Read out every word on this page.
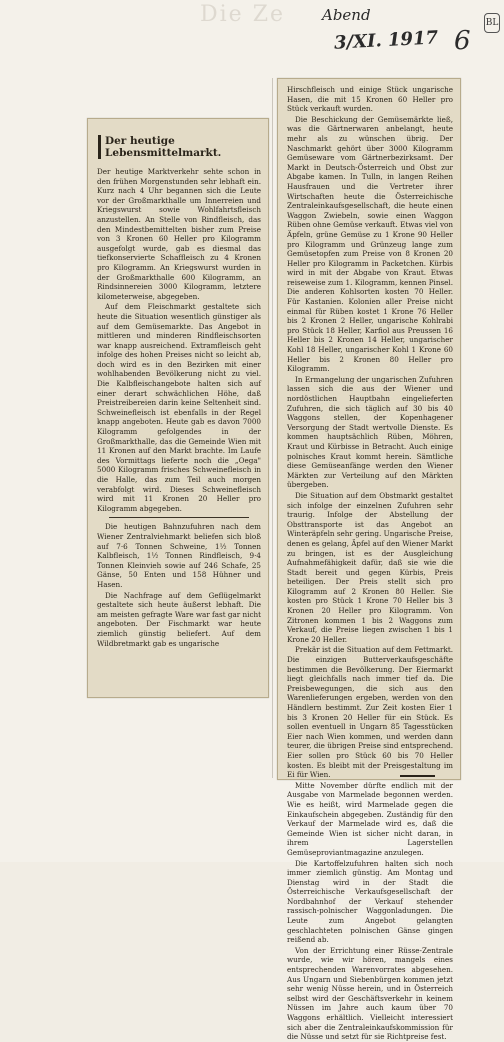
Die Ze Abend
3/XI. 1917 6
BL
Der heutige Lebensmittelmarkt.

Der heutige Marktverkehr sehte schon in den frühen Morgenstunden sehr lebhaft ein. Kurz nach 4 Uhr begannen sich die Leute vor der Großmarkthalle um Innerreien und Kriegswurst sowie Wohlfahrtsfleisch anzustellen. An Stelle von Rindfleisch, das den Mindestbemittelten bisher zum Preise von 3 Kronen 60 Heller pro Kilogramm ausgefolgt wurde, gab es diesmal das tiefkonservierte Schaffleisch zu 4 Kronen pro Kilogramm. An Kriegswurst wurden in der Großmarkthalle 600 Kilogramm, an Rindsinnereien 3000 Kilogramm, letztere kilometerweise, abgegeben.

Auf dem Fleischmarkt gestaltete sich heute die Situation wesentlich günstiger als auf dem Gemüsemarkte. Das Angebot in mittleren und minderen Rindfleischsorten war knapp ausreichend. Extramfleisch geht infolge des hohen Preises nicht so leicht ab, doch wird es in den Bezirken mit einer wohlhabenden Bevölkerung nicht zu viel. Die Kalbfleischangebote halten sich auf einer derart schwächlichen Höhe, daß Preistreibereien darin keine Seltenheit sind. Schweinefleisch ist ebenfalls in der Regel knapp angeboten. Heute gab es davon 7000 Kilogramm gefolgendes in der Großmarkthalle, das die Gemeinde Wien mit 11 Kronen auf den Markt brachte. Im Laufe des Vormittags lieferte noch die „Oega" 5000 Kilogramm frisches Schweinefleisch in die Halle, das zum Teil auch morgen verabfolgt wird. Dieses Schweinefleisch wird mit 11 Kronen 20 Heller pro Kilogramm abgegeben.

Die heutigen Bahnzufuhren nach dem Wiener Zentralviehmarkt beliefen sich bloß auf 7·6 Tonnen Schweine, 1½ Tonnen Kalbfleisch, 1½ Tonnen Rindfleisch, 9·4 Tonnen Kleinvieh sowie auf 246 Schafe, 25 Gänse, 50 Enten und 158 Hühner und Hasen.

Die Nachfrage auf dem Geflügelmarkt gestaltete sich heute äußerst lebhaft. Die am meisten gefragte Ware war fast gar nicht angeboten. Der Fischmarkt war heute ziemlich günstig beliefert. Auf dem Wildbretmarkt gab es ungarische

Hirschfleisch und einige Stück ungarische Hasen, die mit 15 Kronen 60 Heller pro Stück verkauft wurden.

Die Beschickung der Gemüsemärkte ließ, was die Gärtnerwaren anbelangt, heute mehr als zu wünschen übrig. Der Naschmarkt gehört über 3000 Kilogramm Gemüseware vom Gärtnerbezirksamt. Der Markt in Deutsch-Österreich und Obst zur Abgabe kamen. In Tulln, in langen Reihen Hausfrauen und die Vertreter ihrer Wirtschaften heute die Österreichische Zentraleinkaufsgesellschaft, die heute einen Waggon Zwiebeln, sowie einen Waggon Rüben ohne Gemüse verkauft. Etwas viel von Äpfeln, grüne Gemüse zu 1 Krone 90 Heller pro Kilogramm und Grünzeug lange zum Gemüsetopfen zum Preise von 8 Kronen 20 Heller pro Kilogramm in Packetchen. Kürbis wird in mit der Abgabe von Kraut. Etwas reiseweise zum 1. Kilogramm, kennen Pinsel. Die anderen Kohlsorten kosten 70 Heller. Für Kastanien. Kolonien aller Preise nicht einmal für Rüben kostet 1 Krone 76 Heller bis 2 Kronen 2 Heller, ungarische Kohlrabi pro Stück 18 Heller, Karfiol aus Preussen 16 Heller bis 2 Kronen 14 Heller, ungarischer Kohl 18 Heller, ungarischer Kohl 1 Krone 60 Heller bis 2 Kronen 80 Heller pro Kilogramm.

In Ermangelung der ungarischen Zufuhren lassen sich die aus der Wiener und nordöstlichen Hauptbahn eingelieferten Zufuhren, die sich täglich auf 30 bis 40 Waggons stellen, der Kopenhagener Versorgung der Stadt wertvolle Dienste. Es kommen hauptsächlich Rüben, Möhren, Kraut und Kürbisse in Betracht. Auch einige polnisches Kraut kommt herein. Sämtliche diese Gemüseanfänge werden den Wiener Märkten zur Verteilung auf den Märkten übergeben.

Die Situation auf dem Obstmarkt gestaltet sich infolge der einzelnen Zufuhren sehr traurig. Infolge der Abstellung der Obsttransporte ist das Angebot an Winteräpfeln sehr gering. Ungarische Preise, denen es gelang, Äpfel auf den Wiener Markt zu bringen, ist es der Ausgleichung Aufnahmefähigkeit dafür, daß sie wie die Stadt bereit und gegen Kürbis, Preis beteiligen. Der Preis stellt sich pro Kilogramm auf 2 Kronen 80 Heller. Sie kosten pro Stück 1 Krone 70 Heller bis 3 Kronen 20 Heller pro Kilogramm. Von Zitronen kommen 1 bis 2 Waggons zum Verkauf, die Preise liegen zwischen 1 bis 1 Krone 20 Heller.

Prekär ist die Situation auf dem Fettmarkt. Die einzigen Butterverkaufsgeschäfte bestimmen die Bevölkerung. Der Eiermarkt liegt gleichfalls nach immer tief da. Die Preisbewegungen, die sich aus den Warenlieferungen ergeben, werden von den Händlern bestimmt. Zur Zeit kosten Eier 1 bis 3 Kronen 20 Heller für ein Stück. Es sollen eventuell in Ungarn 85 Tagesstücken Eier nach Wien kommen, und werden dann teurer, die übrigen Preise sind entsprechend. Eier sollen pro Stück 60 bis 70 Heller kosten. Es bleibt mit der Preisgestaltung im Ei für Wien.

Mitte November dürfte endlich mit der Ausgabe von Marmelade begonnen werden. Wie es heißt, wird Marmelade gegen die Einkaufschein abgegeben. Zuständig für den Verkauf der Marmelade wird es, daß die Gemeinde Wien ist sicher nicht daran, in ihrem Lagerstellen Gemüseproviantmagazine anzulegen.

Die Kartoffelzufuhren halten sich noch immer ziemlich günstig. Am Montag und Dienstag wird in der Stadt die Österreichische Verkaufsgesellschaft der Nordbahnhof der Verkauf stehender rassisch-polnischer Waggonladungen. Die Leute zum Angebot gelangten geschlachteten polnischen Gänse gingen reißend ab.

Von der Errichtung einer Rüsse-Zentrale wurde, wie wir hören, mangels eines entsprechenden Warenvorrates abgesehen. Aus Ungarn und Siebenbürgen kommen jetzt sehr wenig Nüsse herein, und in Österreich selbst wird der Geschäftsverkehr in keinem Nüssen im Jahre auch kaum über 70 Waggons erhältlich. Vielleicht interessiert sich aber die Zentraleinkaufskommission für die Nüsse und setzt für sie Richtpreise fest.
